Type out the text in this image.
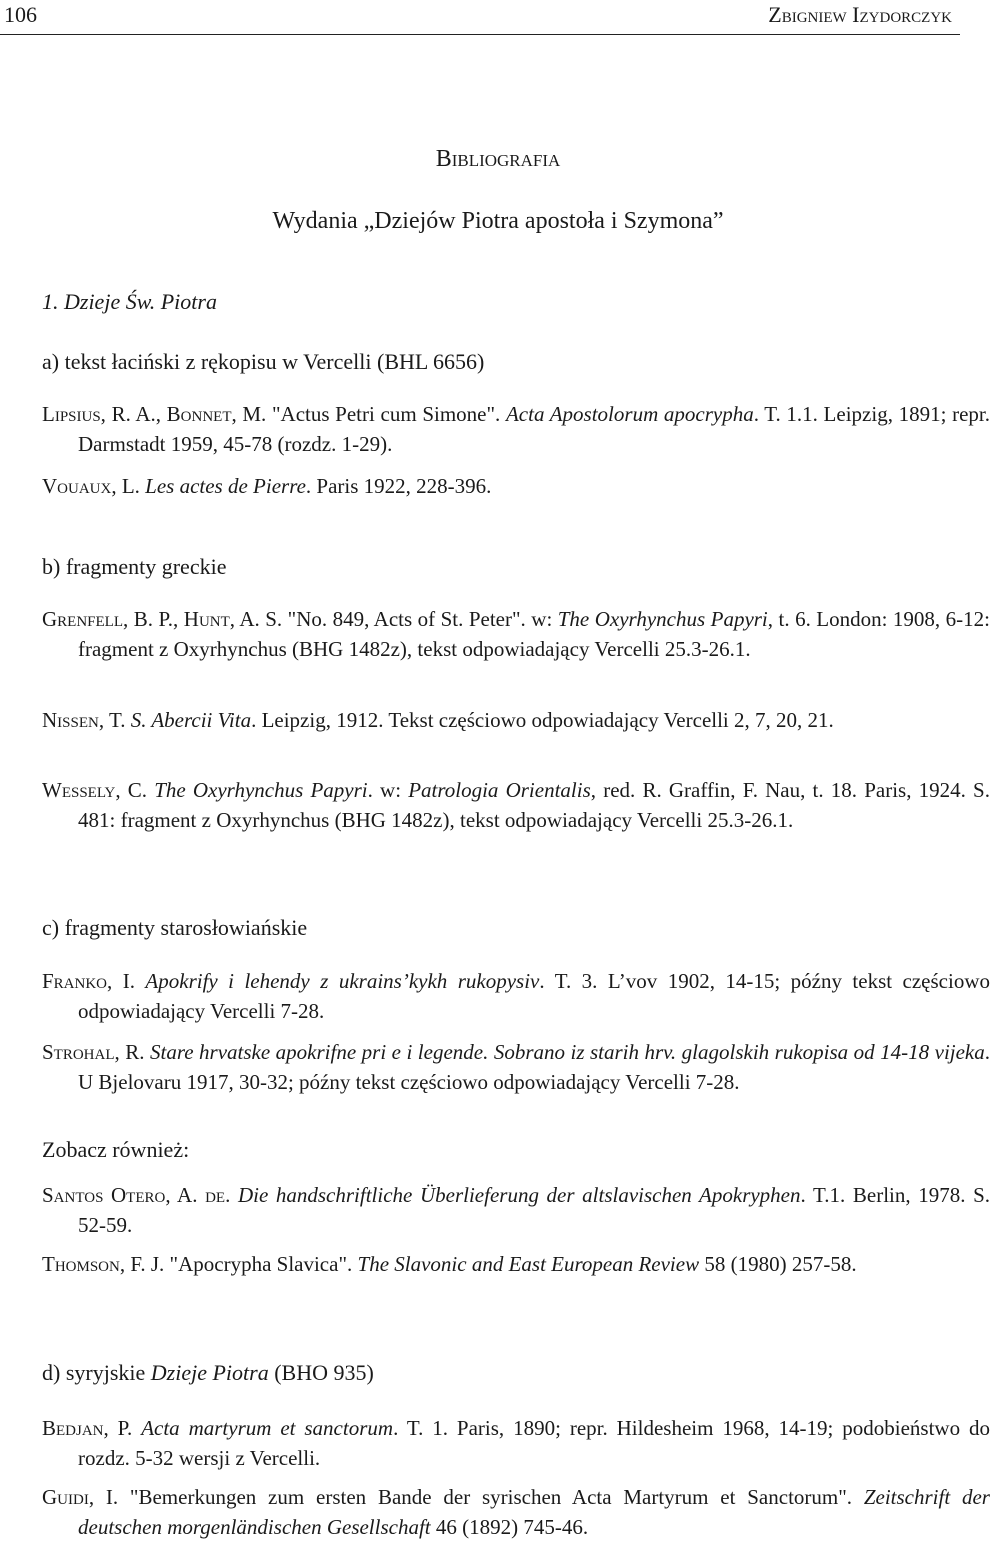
106	Zbigniew Izydorczyk
Bibliografia
Wydania „Dziejów Piotra apostoła i Szymona”
1. Dzieje Św. Piotra
a) tekst łaciński z rękopisu w Vercelli (BHL 6656)
Lipsius, R. A., Bonnet, M. "Actus Petri cum Simone". Acta Apostolorum apocrypha. T. 1.1. Leipzig, 1891; repr. Darmstadt 1959, 45-78 (rozdz. 1-29).
Vouaux, L. Les actes de Pierre. Paris 1922, 228-396.
b) fragmenty greckie
Grenfell, B. P., Hunt, A. S. "No. 849, Acts of St. Peter". w: The Oxyrhynchus Papyri, t. 6. London: 1908, 6-12: fragment z Oxyrhynchus (BHG 1482z), tekst odpowiadający Vercelli 25.3-26.1.
Nissen, T. S. Abercii Vita. Leipzig, 1912. Tekst częściowo odpowiadający Vercelli 2, 7, 20, 21.
Wessely, C. The Oxyrhynchus Papyri. w: Patrologia Orientalis, red. R. Graffin, F. Nau, t. 18. Paris, 1924. S. 481: fragment z Oxyrhynchus (BHG 1482z), tekst odpowiadający Vercelli 25.3-26.1.
c) fragmenty starosłowiańskie
Franko, I. Apokrify i lehendy z ukrains’kykh rukopysiv. T. 3. L’vov 1902, 14-15; późny tekst częściowo odpowiadający Vercelli 7-28.
Strohal, R. Stare hrvatske apokrifne pri e i legende. Sobrano iz starih hrv. glagolskih rukopisa od 14-18 vijeka. U Bjelovaru 1917, 30-32; późny tekst częściowo odpowiadający Vercelli 7-28.
Zobacz również:
Santos Otero, A. de. Die handschriftliche Überlieferung der altslavischen Apokryphen. T.1. Berlin, 1978. S. 52-59.
Thomson, F. J. "Apocrypha Slavica". The Slavonic and East European Review 58 (1980) 257-58.
d) syryjskie Dzieje Piotra (BHO 935)
Bedjan, P. Acta martyrum et sanctorum. T. 1. Paris, 1890; repr. Hildesheim 1968, 14-19; podobieństwo do rozdz. 5-32 wersji z Vercelli.
Guidi, I. "Bemerkungen zum ersten Bande der syrischen Acta Martyrum et Sanctorum". Zeitschrift der deutschen morgenländischen Gesellschaft 46 (1892) 745-46.
